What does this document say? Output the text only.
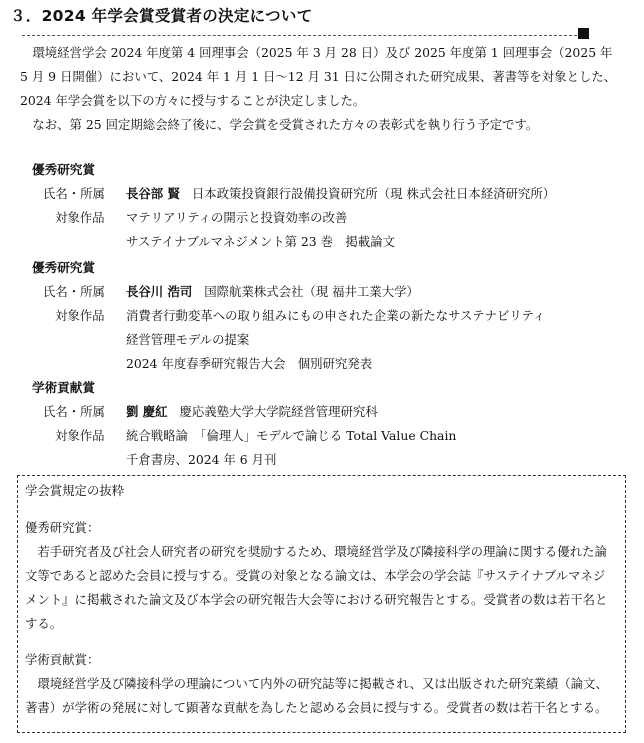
３．2024 年学会賞受賞者の決定について

環境経営学会 2024 年度第 4 回理事会（2025 年 3 月 28 日）及び 2025 年度第 1 回理事会（2025 年 5 月 9 日開催）において、2024 年 1 月 1 日〜12 月 31 日に公開された研究成果、著書等を対象とした、2024 年学会賞を以下の方々に授与することが決定しました。

なお、第 25 回定期総会終了後に、学会賞を受賞された方々の表彰式を執り行う予定です。

優秀研究賞
氏名・所属	長谷部 賢 日本政策投資銀行設備投資研究所（現 株式会社日本経済研究所）
対象作品	マテリアリティの開示と投資効率の改善
サステイナブルマネジメント第 23 巻　掲載論文
優秀研究賞
氏名・所属	長谷川 浩司 国際航業株式会社（現 福井工業大学）
対象作品	消費者行動変革への取り組みにもの申された企業の新たなサステナビリティ
経営管理モデルの提案
2024 年度春季研究報告大会　個別研究発表
学術貢献賞
氏名・所属	劉 慶紅 慶応義塾大学大学院経営管理研究科
対象作品	統合戦略論　「倫理人」モデルで論じる Total Value Chain
千倉書房、2024 年 6 月刊
学会賞規定の抜粋
優秀研究賞：
若手研究者及び社会人研究者の研究を奨励するため、環境経営学及び隣接科学の理論に関する優れた論文等であると認めた会員に授与する。受賞の対象となる論文は、本学会の学会誌『サステイナブルマネジメント』に掲載された論文及び本学会の研究報告大会等における研究報告とする。受賞者の数は若干名とする。
学術貢献賞：
環境経営学及び隣接科学の理論について内外の研究誌等に掲載され、又は出版された研究業績（論文、著書）が学術の発展に対して顕著な貢献を為したと認める会員に授与する。受賞者の数は若干名とする。
